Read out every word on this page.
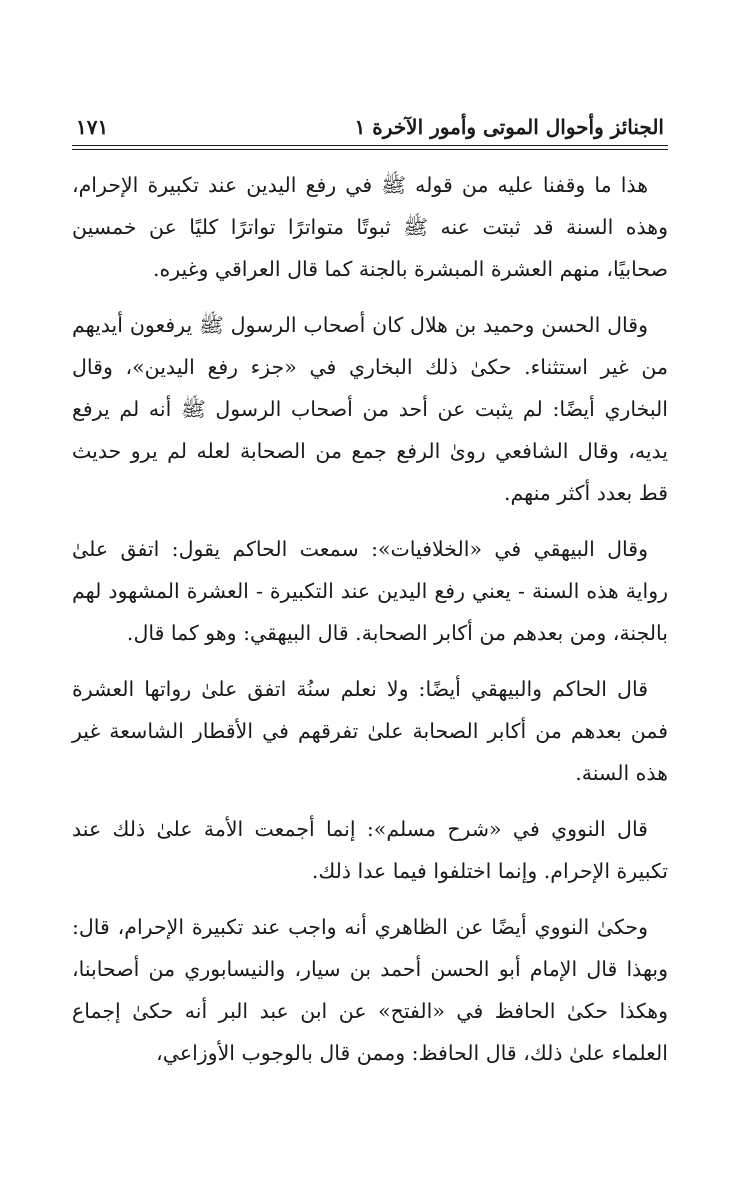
الجنائز وأحوال الموتى وأمور الآخرة ١
١٧١

هذا ما وقفنا عليه من قوله ﷺ في رفع اليدين عند تكبيرة الإحرام، وهذه السنة قد ثبتت عنه ﷺ ثبوتًا متواترًا تواترًا كليًا عن خمسين صحابيًا، منهم العشرة المبشرة بالجنة كما قال العراقي وغيره.

وقال الحسن وحميد بن هلال كان أصحاب الرسول ﷺ يرفعون أيديهم من غير استثناء. حكىٰ ذلك البخاري في «جزء رفع اليدين»، وقال البخاري أيضًا: لم يثبت عن أحد من أصحاب الرسول ﷺ أنه لم يرفع يديه، وقال الشافعي روىٰ الرفع جمع من الصحابة لعله لم يرو حديث قط بعدد أكثر منهم.

وقال البيهقي في «الخلافيات»: سمعت الحاكم يقول: اتفق علىٰ رواية هذه السنة - يعني رفع اليدين عند التكبيرة - العشرة المشهود لهم بالجنة، ومن بعدهم من أكابر الصحابة. قال البيهقي: وهو كما قال.

قال الحاكم والبيهقي أيضًا: ولا نعلم سنُة اتفق علىٰ رواتها العشرة فمن بعدهم من أكابر الصحابة علىٰ تفرقهم في الأقطار الشاسعة غير هذه السنة.

قال النووي في «شرح مسلم»: إنما أجمعت الأمة علىٰ ذلك عند تكبيرة الإحرام. وإنما اختلفوا فيما عدا ذلك.

وحكىٰ النووي أيضًا عن الظاهري أنه واجب عند تكبيرة الإحرام، قال: وبهذا قال الإمام أبو الحسن أحمد بن سيار، والنيسابوري من أصحابنا، وهكذا حكىٰ الحافظ في «الفتح» عن ابن عبد البر أنه حكىٰ إجماع العلماء علىٰ ذلك، قال الحافظ: وممن قال بالوجوب الأوزاعي،
